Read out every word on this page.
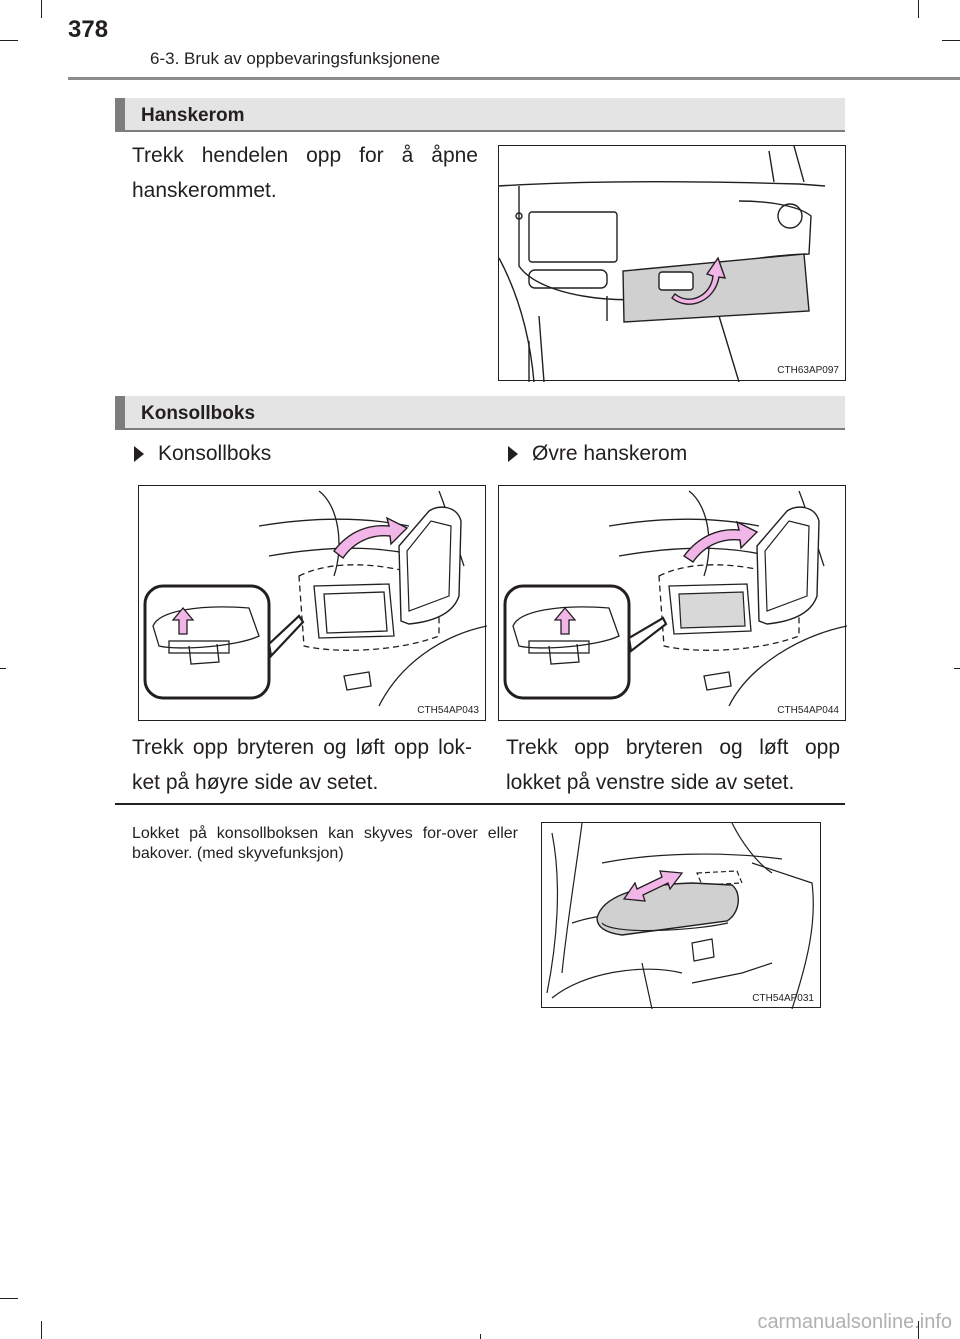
378
6-3. Bruk av oppbevaringsfunksjonene
Hanskerom
Trekk hendelen opp for å åpne hanskerommet.
CTH63AP097
Konsollboks
Konsollboks	Øvre hanskerom
CTH54AP043	CTH54AP044
Trekk opp bryteren og løft opp lok-ket på høyre side av setet.
Trekk opp bryteren og løft opp lokket på venstre side av setet.
Lokket på konsollboksen kan skyves for-over eller bakover. (med skyvefunksjon)
CTH54AP031
carmanualsonline.info
